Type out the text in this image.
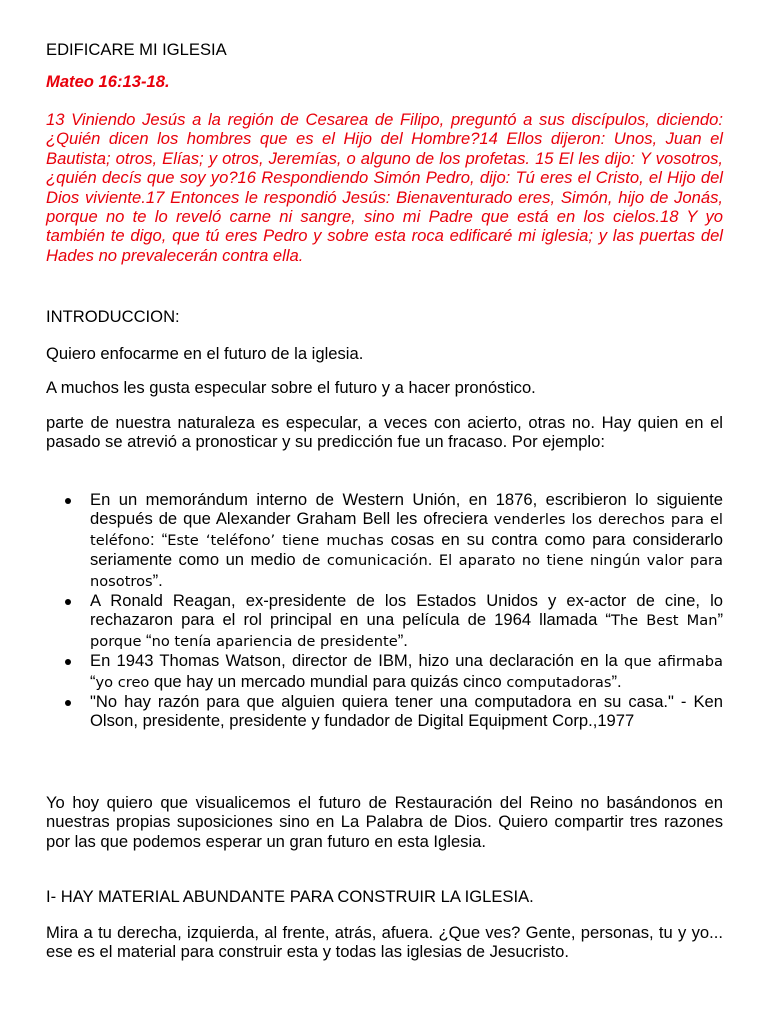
EDIFICARE MI IGLESIA

Mateo 16:13-18.

13 Viniendo Jesús a la región de Cesarea de Filipo, preguntó a sus discípulos, diciendo: ¿Quién dicen los hombres que es el Hijo del Hombre?14 Ellos dijeron: Unos, Juan el Bautista; otros, Elías; y otros, Jeremías, o alguno de los profetas. 15 El les dijo: Y vosotros, ¿quién decís que soy yo?16 Respondiendo Simón Pedro, dijo: Tú eres el Cristo, el Hijo del Dios viviente.17 Entonces le respondió Jesús: Bienaventurado eres, Simón, hijo de Jonás, porque no te lo reveló carne ni sangre, sino mi Padre que está en los cielos.18 Y yo también te digo, que tú eres Pedro y sobre esta roca edificaré mi iglesia; y las puertas del Hades no prevalecerán contra ella.

INTRODUCCION:

Quiero enfocarme en el futuro de la iglesia.

A muchos les gusta especular sobre el futuro y a hacer pronóstico.

parte de nuestra naturaleza es especular, a veces con acierto, otras no. Hay quien en el pasado se atrevió a pronosticar y su predicción fue un fracaso. Por ejemplo:

En un memorándum interno de Western Unión, en 1876, escribieron lo siguiente después de que Alexander Graham Bell les ofreciera venderles los derechos para el teléfono: “Este ‘teléfono’ tiene muchas cosas en su contra como para considerarlo seriamente como un medio de comunicación. El aparato no tiene ningún valor para nosotros”.
A Ronald Reagan, ex-presidente de los Estados Unidos y ex-actor de cine, lo rechazaron para el rol principal en una película de 1964 llamada “The Best Man” porque “no tenía apariencia de presidente”.
En 1943 Thomas Watson, director de IBM, hizo una declaración en la que afirmaba “yo creo que hay un mercado mundial para quizás cinco computadoras”.
"No hay razón para que alguien quiera tener una computadora en su casa." - Ken Olson, presidente, presidente y fundador de Digital Equipment Corp.,1977

Yo hoy quiero que visualicemos el futuro de Restauración del Reino no basándonos en nuestras propias suposiciones sino en La Palabra de Dios. Quiero compartir tres razones por las que podemos esperar un gran futuro en esta Iglesia.

I- HAY MATERIAL ABUNDANTE PARA CONSTRUIR LA IGLESIA.

Mira a tu derecha, izquierda, al frente, atrás, afuera. ¿Que ves? Gente, personas, tu y yo... ese es el material para construir esta y todas las iglesias de Jesucristo.
